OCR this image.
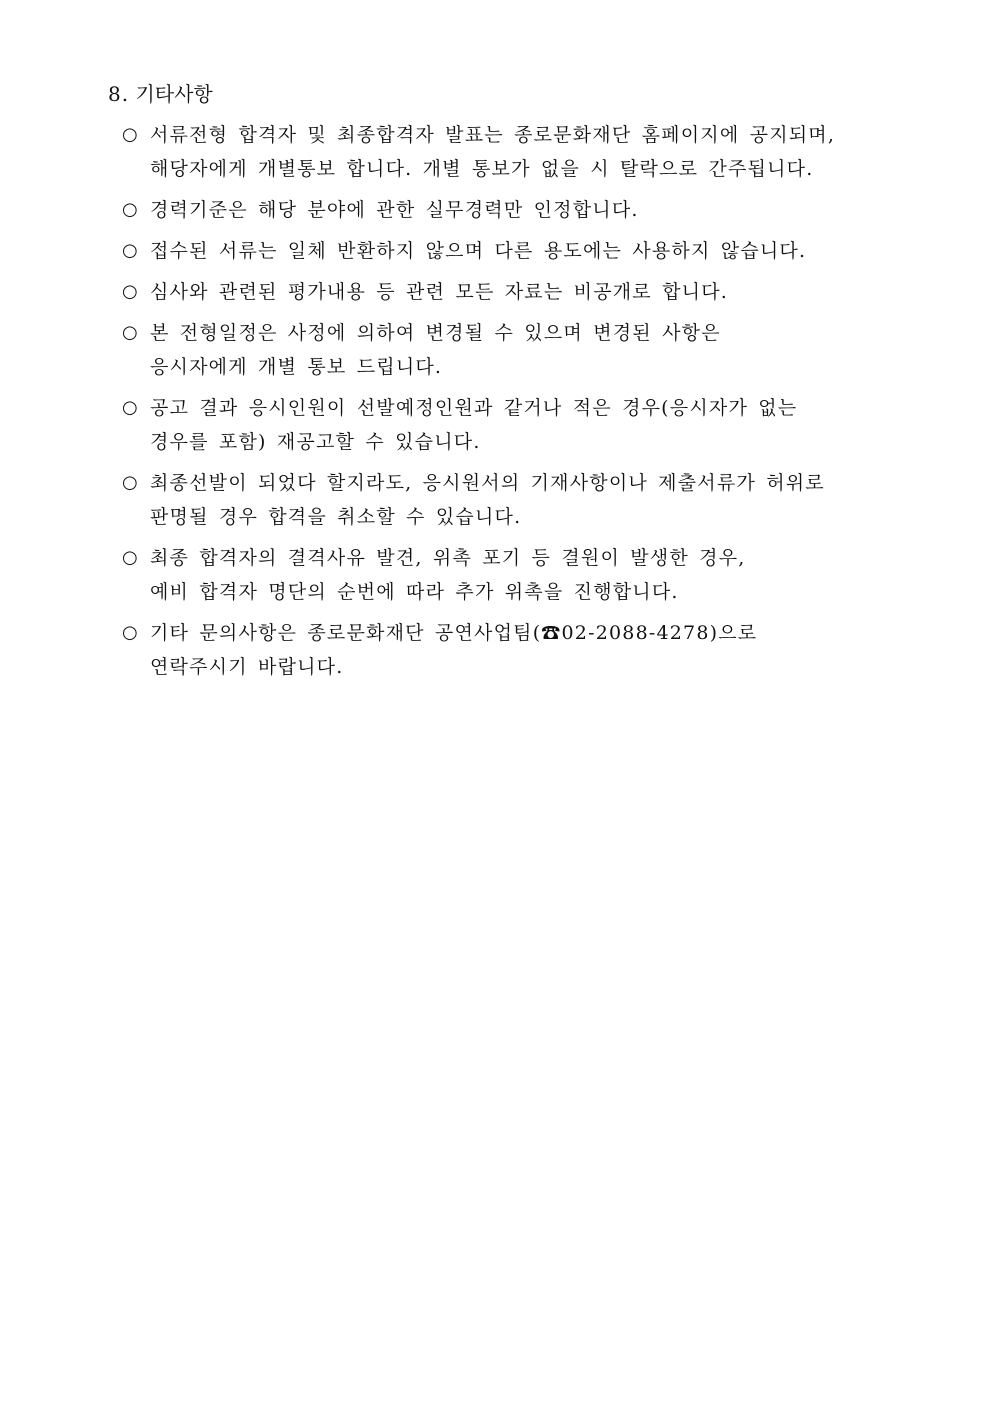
8. 기타사항
○ 서류전형 합격자 및 최종합격자 발표는 종로문화재단 홈페이지에 공지되며,
해당자에게 개별통보 합니다. 개별 통보가 없을 시 탈락으로 간주됩니다.
○ 경력기준은 해당 분야에 관한 실무경력만 인정합니다.
○ 접수된 서류는 일체 반환하지 않으며 다른 용도에는 사용하지 않습니다.
○ 심사와 관련된 평가내용 등 관련 모든 자료는 비공개로 합니다.
○ 본 전형일정은 사정에 의하여 변경될 수 있으며 변경된 사항은
응시자에게 개별 통보 드립니다.
○ 공고 결과 응시인원이 선발예정인원과 같거나 적은 경우(응시자가 없는
경우를 포함) 재공고할 수 있습니다.
○ 최종선발이 되었다 할지라도, 응시원서의 기재사항이나 제출서류가 허위로
판명될 경우 합격을 취소할 수 있습니다.
○ 최종 합격자의 결격사유 발견, 위촉 포기 등 결원이 발생한 경우,
예비 합격자 명단의 순번에 따라 추가 위촉을 진행합니다.
○ 기타 문의사항은 종로문화재단 공연사업팀(☎02-2088-4278)으로
연락주시기 바랍니다.
